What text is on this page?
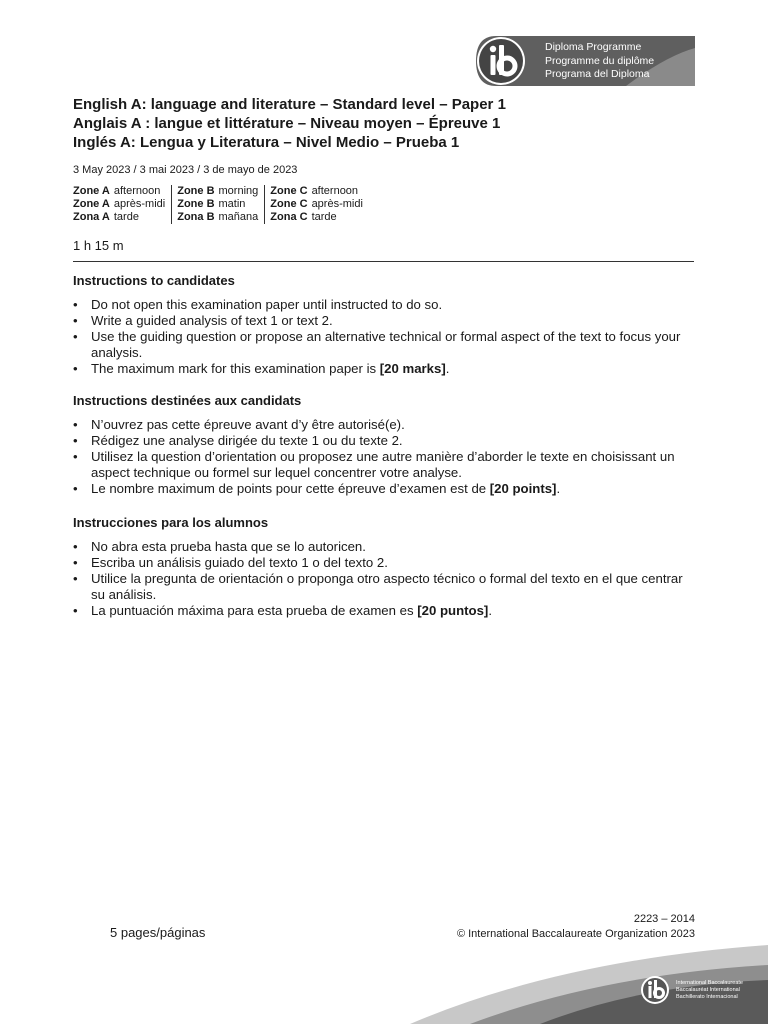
Diploma Programme
Programme du diplôme
Programa del Diploma
English A: language and literature – Standard level – Paper 1
Anglais A : langue et littérature – Niveau moyen – Épreuve 1
Inglés A: Lengua y Literatura – Nivel Medio – Prueba 1
3 May 2023 / 3 mai 2023 / 3 de mayo de 2023
Zone A afternoon
Zone A après-midi
Zona A tarde
Zone B morning
Zone B matin
Zona B mañana
Zone C afternoon
Zone C après-midi
Zona C tarde
1 h 15 m
Instructions to candidates
• Do not open this examination paper until instructed to do so.
• Write a guided analysis of text 1 or text 2.
• Use the guiding question or propose an alternative technical or formal aspect of the text to focus your analysis.
• The maximum mark for this examination paper is [20 marks].
Instructions destinées aux candidats
• N’ouvrez pas cette épreuve avant d’y être autorisé(e).
• Rédigez une analyse dirigée du texte 1 ou du texte 2.
• Utilisez la question d’orientation ou proposez une autre manière d’aborder le texte en choisissant un aspect technique ou formel sur lequel concentrer votre analyse.
• Le nombre maximum de points pour cette épreuve d’examen est de [20 points].
Instrucciones para los alumnos
• No abra esta prueba hasta que se lo autoricen.
• Escriba un análisis guiado del texto 1 o del texto 2.
• Utilice la pregunta de orientación o proponga otro aspecto técnico o formal del texto en el que centrar su análisis.
• La puntuación máxima para esta prueba de examen es [20 puntos].
5 pages/páginas
2223 – 2014
© International Baccalaureate Organization 2023
International Baccalaureate
Baccalauréat International
Bachillerato Internacional
